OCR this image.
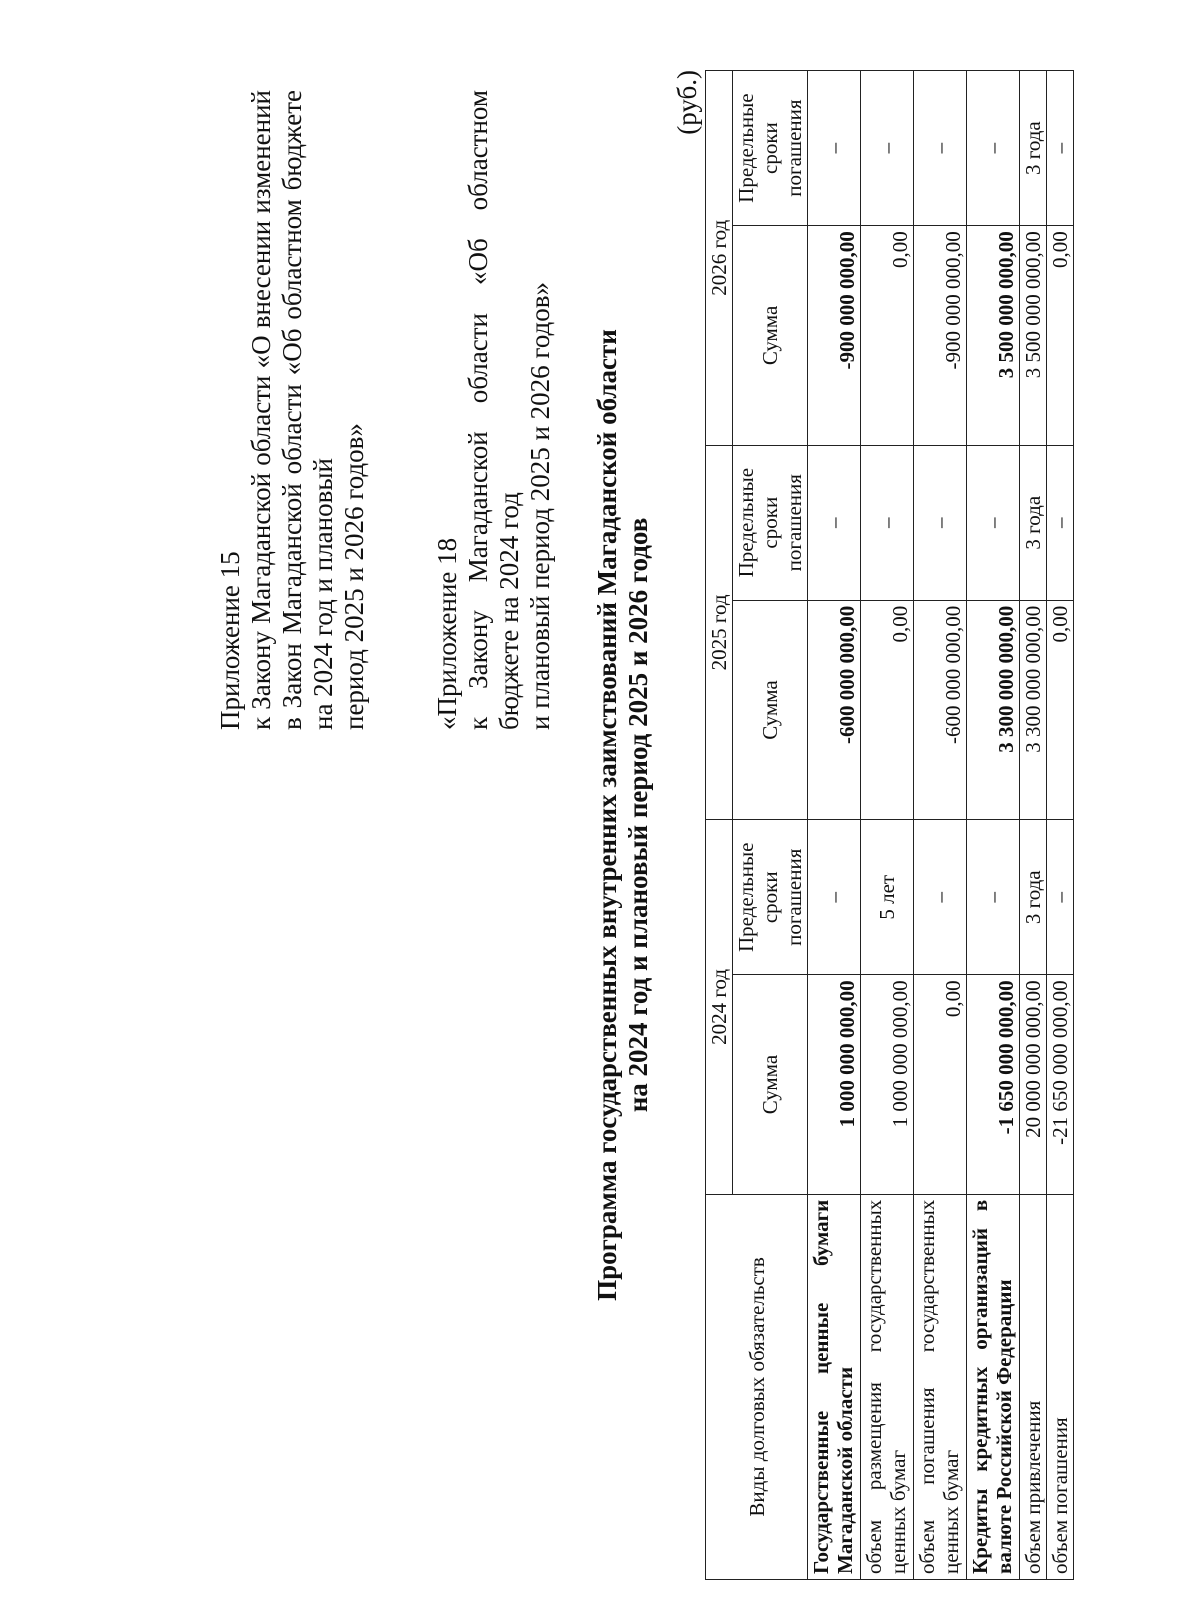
Приложение 15 к Закону Магаданской области «О внесении изменений в Закон Магаданской области «Об областном бюджете на 2024 год и плановый период 2025 и 2026 годов» «Приложение 18 к Закону Магаданской области «Об областном бюджете на 2024 год и плановый период 2025 и 2026 годов» Программа государственных внутренних заимствований Магаданской области на 2024 год и плановый период 2025 и 2026 годов
(руб.)
Виды долговых обязательств	2024 год		2025 год		2026 год	
	Сумма	Предельные сроки погашения	Сумма	Предельные сроки погашения	Сумма	Предельные сроки погашения
Государственные ценные бумаги Магаданской области	1 000 000 000,00	–	-600 000 000,00	–	-900 000 000,00	–
объем размещения государственных ценных бумаг	1 000 000 000,00	5 лет	0,00	–	0,00	–
объем погашения государственных ценных бумаг	0,00	–	-600 000 000,00	–	-900 000 000,00	–
Кредиты кредитных организаций в валюте Российской Федерации	-1 650 000 000,00	–	3 300 000 000,00	–	3 500 000 000,00	–
объем привлечения	20 000 000 000,00	3 года	3 300 000 000,00	3 года	3 500 000 000,00	3 года
объем погашения	-21 650 000 000,00	–	0,00	–	0,00	–
